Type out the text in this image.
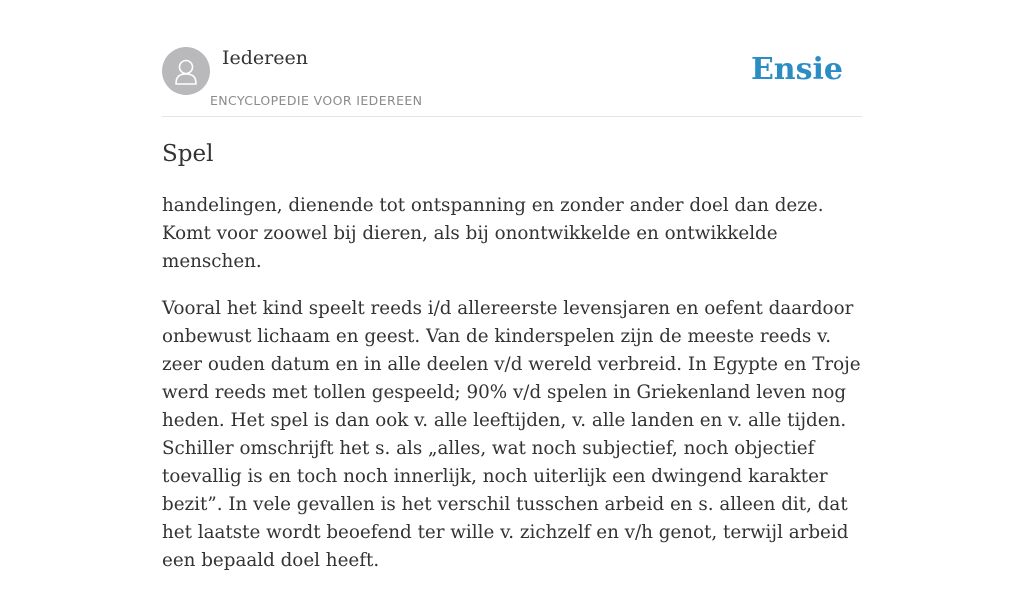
Iedereen
ENCYCLOPEDIE VOOR IEDEREEN
Ensie
Spel

handelingen, dienende tot ontspanning en zonder ander doel dan deze. Komt voor zoowel bij dieren, als bij onontwikkelde en ontwikkelde menschen.

Vooral het kind speelt reeds i/d allereerste levensjaren en oefent daardoor onbewust lichaam en geest. Van de kinderspelen zijn de meeste reeds v. zeer ouden datum en in alle deelen v/d wereld verbreid. In Egypte en Troje werd reeds met tollen gespeeld; 90% v/d spelen in Griekenland leven nog heden. Het spel is dan ook v. alle leeftijden, v. alle landen en v. alle tijden. Schiller omschrijft het s. als „alles, wat noch subjectief, noch objectief toevallig is en toch noch innerlijk, noch uiterlijk een dwingend karakter bezit”. In vele gevallen is het verschil tusschen arbeid en s. alleen dit, dat het laatste wordt beoefend ter wille v. zichzelf en v/h genot, terwijl arbeid een bepaald doel heeft.
